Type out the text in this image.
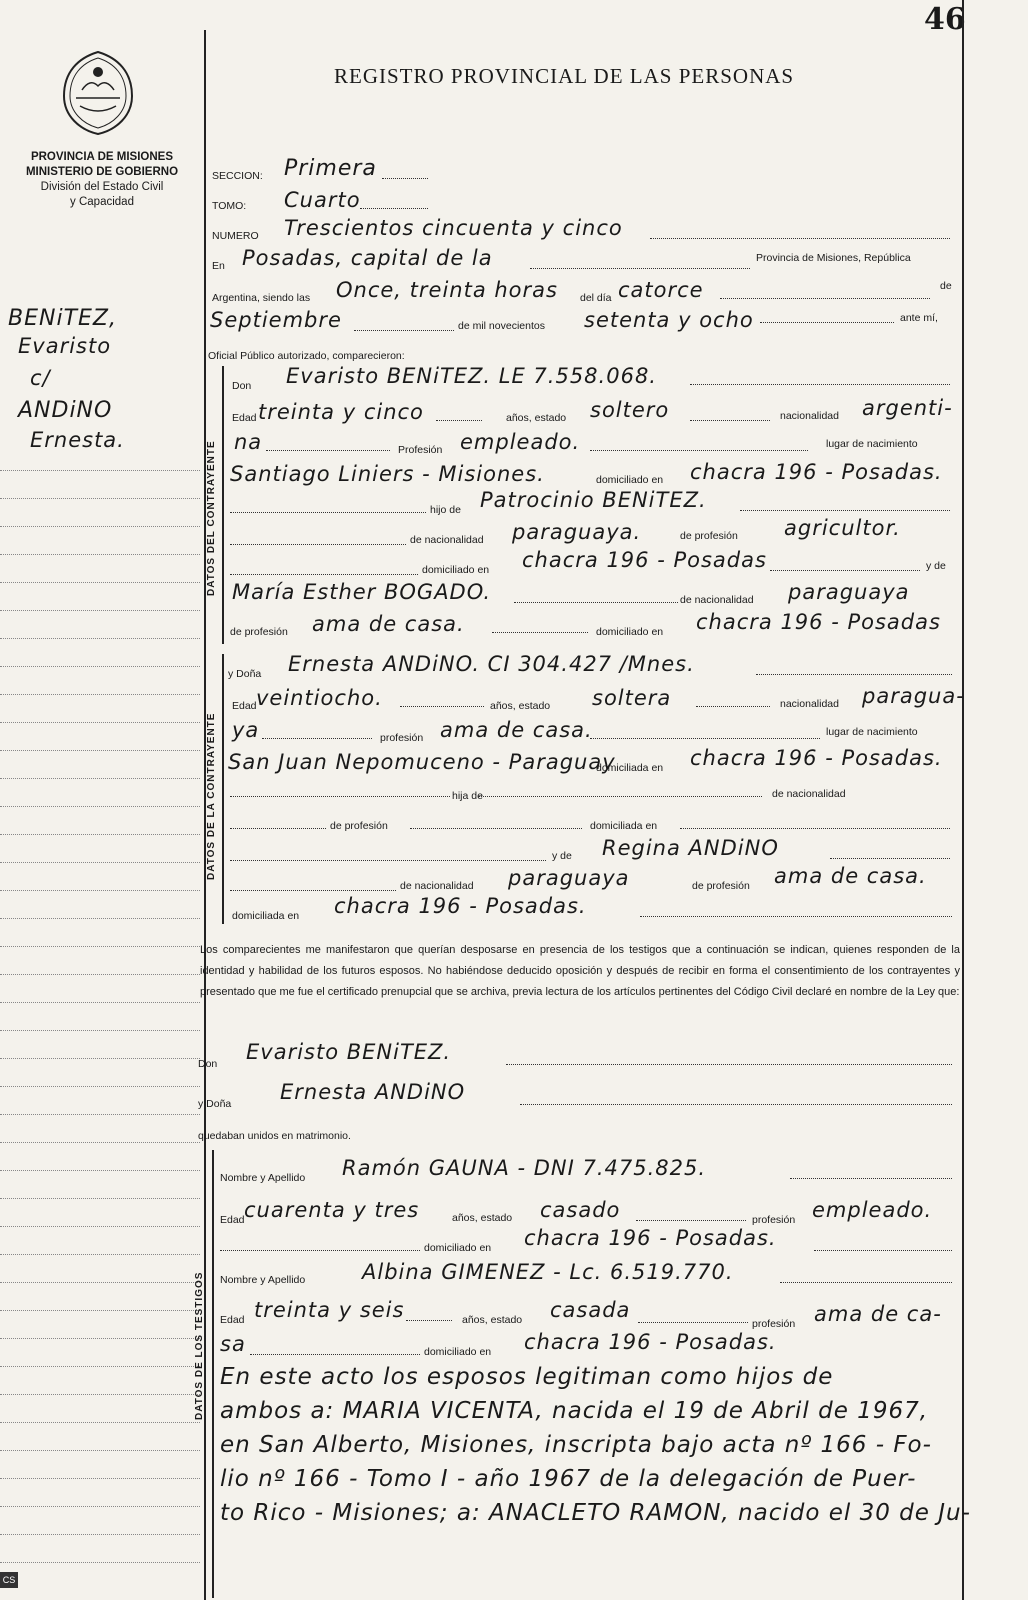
46
REGISTRO PROVINCIAL DE LAS PERSONAS
PROVINCIA DE MISIONES
MINISTERIO DE GOBIERNO
División del Estado Civil
y Capacidad
BENiTEZ,
Evaristo
c/
ANDiNO
Ernesta.
SECCION: Primera
TOMO: Cuarto
NUMERO Trescientos cincuenta y cinco
En Posadas, capital de la	Provincia de Misiones, República
Argentina, siendo las Once, treinta horas del día catorce	de
Septiembre	de mil novecientos setenta y ocho	ante mí,
Oficial Público autorizado, comparecieron:
DATOS DEL CONTRAYENTE
Don Evaristo BENiTEZ. LE 7.558.068.
Edad treinta y cinco	años, estado soltero	nacionalidad argenti-
na	Profesión empleado.	lugar de nacimiento
Santiago Liniers - Misiones.	domiciliado en chacra 196 - Posadas.
hijo de Patrocinio BENiTEZ.
de nacionalidad paraguaya.	de profesión agricultor.
domiciliado en chacra 196 - Posadas	y de
María Esther BOGADO.	de nacionalidad paraguaya
de profesión ama de casa.	domiciliado en chacra 196 - Posadas
DATOS DE LA CONTRAYENTE
y Doña Ernesta ANDiNO. CI 304.427 /Mnes.
Edad veintiocho.	años, estado soltera	nacionalidad paragua-
ya	profesión ama de casa.	lugar de nacimiento
San Juan Nepomuceno - Paraguay
domiciliada en chacra 196 - Posadas.
hija de	de nacionalidad
de profesión	domiciliada en
y de Regina ANDiNO
de nacionalidad paraguaya	de profesión ama de casa.
domiciliada en chacra 196 - Posadas.
Los comparecientes me manifestaron que querían desposarse en presencia de los testigos que a continuación se indican, quienes responden de la identidad y habilidad de los futuros esposos. No habiéndose deducido oposición y después de recibir en forma el consentimiento de los contrayentes y presentado que me fue el certificado prenupcial que se archiva, previa lectura de los artículos pertinentes del Código Civil declaré en nombre de la Ley que:
Don Evaristo BENiTEZ.
y Doña Ernesta ANDiNO
quedaban unidos en matrimonio.
DATOS DE LOS TESTIGOS
Nombre y Apellido Ramón GAUNA - DNI 7.475.825.
Edad cuarenta y tres	años, estado casado	profesión empleado.
domiciliado en chacra 196 - Posadas.
Nombre y Apellido	Albina GIMENEZ - Lc. 6.519.770.
Edad treinta y seis	años, estado casada
profesión ama de ca-
sa	domiciliado en chacra 196 - Posadas.
En este acto los esposos legitiman como hijos de
ambos a: MARIA VICENTA, nacida el 19 de Abril de 1967,
en San Alberto, Misiones, inscripta bajo acta nº 166 - Fo-
lio nº 166 - Tomo I - año 1967 de la delegación de Puer-
to Rico - Misiones; a: ANACLETO RAMON, nacido el 30 de Ju-
CS
